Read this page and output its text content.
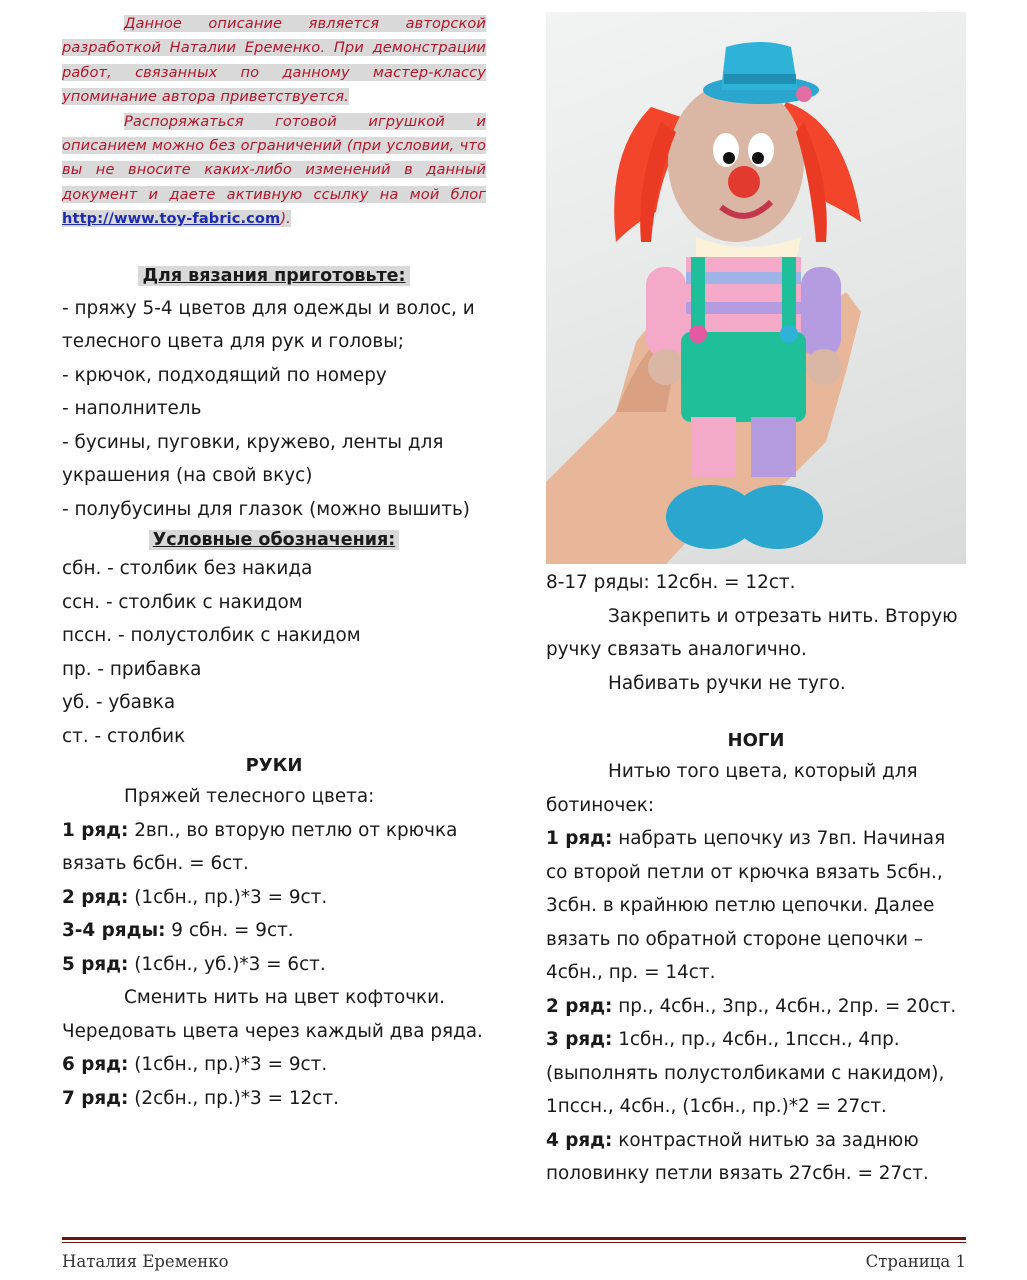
Данное описание является авторской разработкой Наталии Еременко. При демонстрации работ, связанных по данному мастер-классу упоминание автора приветствуется.

Распоряжаться готовой игрушкой и описанием можно без ограничений (при условии, что вы не вносите каких-либо изменений в данный документ и даете активную ссылку на мой блог http://www.toy-fabric.com).

Для вязания приготовьте:

- пряжу 5-4 цветов для одежды и волос, и телесного цвета для рук и головы;

- крючок, подходящий по номеру

- наполнитель

- бусины, пуговки, кружево, ленты для украшения (на свой вкус)

- полубусины для глазок (можно вышить)

Условные обозначения:

сбн. - столбик без накида

ссн. - столбик с накидом

пссн. - полустолбик с накидом

пр. - прибавка

уб. - убавка

ст. - столбик

РУКИ

Пряжей телесного цвета:

1 ряд: 2вп., во вторую петлю от крючка вязать 6сбн. = 6ст.

2 ряд: (1сбн., пр.)*3 = 9ст.

3-4 ряды: 9 сбн. = 9ст.

5 ряд: (1сбн., уб.)*3 = 6ст.

Сменить нить на цвет кофточки.

Чередовать цвета через каждый два ряда.

6 ряд: (1сбн., пр.)*3 = 9ст.

7 ряд: (2сбн., пр.)*3 = 12ст.

8-17 ряды: 12сбн. = 12ст.

Закрепить и отрезать нить. Вторую ручку связать аналогично.

Набивать ручки не туго.

НОГИ

Нитью того цвета, который для ботиночек:

1 ряд: набрать цепочку из 7вп. Начиная со второй петли от крючка вязать 5сбн., 3сбн. в крайнюю петлю цепочки. Далее вязать по обратной стороне цепочки – 4сбн., пр. = 14ст.

2 ряд: пр., 4сбн., 3пр., 4сбн., 2пр. = 20ст.

3 ряд: 1сбн., пр., 4сбн., 1пссн., 4пр. (выполнять полустолбиками с накидом), 1пссн., 4сбн., (1сбн., пр.)*2 = 27ст.

4 ряд: контрастной нитью за заднюю половинку петли вязать 27сбн. = 27ст.

Наталия Еременко	Страница 1
